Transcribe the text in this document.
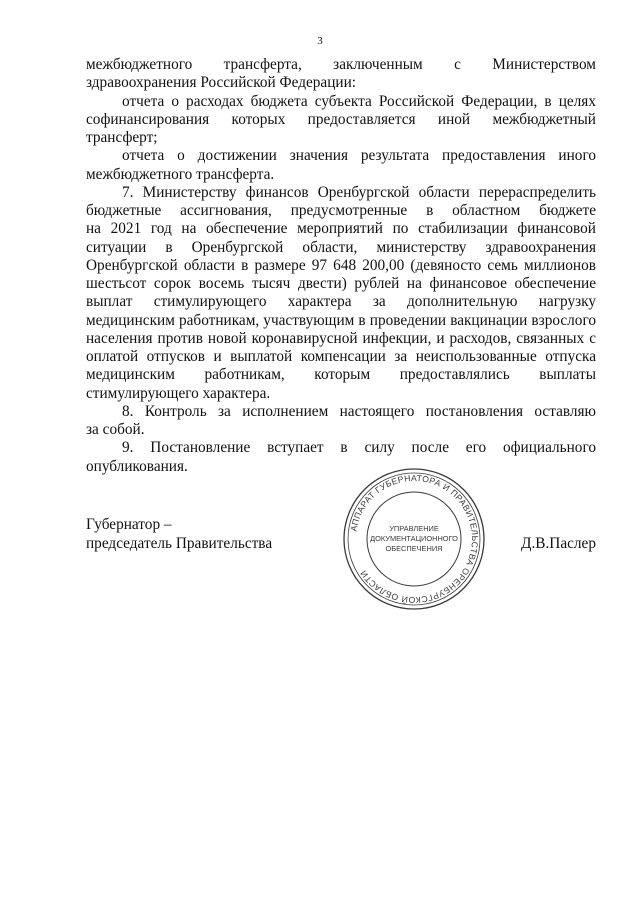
3
межбюджетного трансферта, заключенным с Министерством
здравоохранения Российской Федерации:
отчета о расходах бюджета субъекта Российской Федерации, в целях
софинансирования которых предоставляется иной межбюджетный
трансферт;
отчета о достижении значения результата предоставления иного
межбюджетного трансферта.
7. Министерству финансов Оренбургской области перераспределить
бюджетные ассигнования, предусмотренные в областном бюджете
на 2021 год на обеспечение мероприятий по стабилизации финансовой
ситуации в Оренбургской области, министерству здравоохранения
Оренбургской области в размере 97 648 200,00 (девяносто семь миллионов
шестьсот сорок восемь тысяч двести) рублей на финансовое обеспечение
выплат стимулирующего характера за дополнительную нагрузку
медицинским работникам, участвующим в проведении вакцинации взрослого
населения против новой коронавирусной инфекции, и расходов, связанных с
оплатой отпусков и выплатой компенсации за неиспользованные отпуска
медицинским работникам, которым предоставлялись выплаты
стимулирующего характера.
8. Контроль за исполнением настоящего постановления оставляю
за собой.
9. Постановление вступает в силу после его официального
опубликования.
Губернатор –
председатель Правительства	Д.В.Паслер
АППАРАТ ГУБЕРНАТОРА И ПРАВИТЕЛЬСТВА ОРЕНБУРГСКОЙ ОБЛАСТИ
УПРАВЛЕНИЕ
ДОКУМЕНТАЦИОННОГО
ОБЕСПЕЧЕНИЯ
